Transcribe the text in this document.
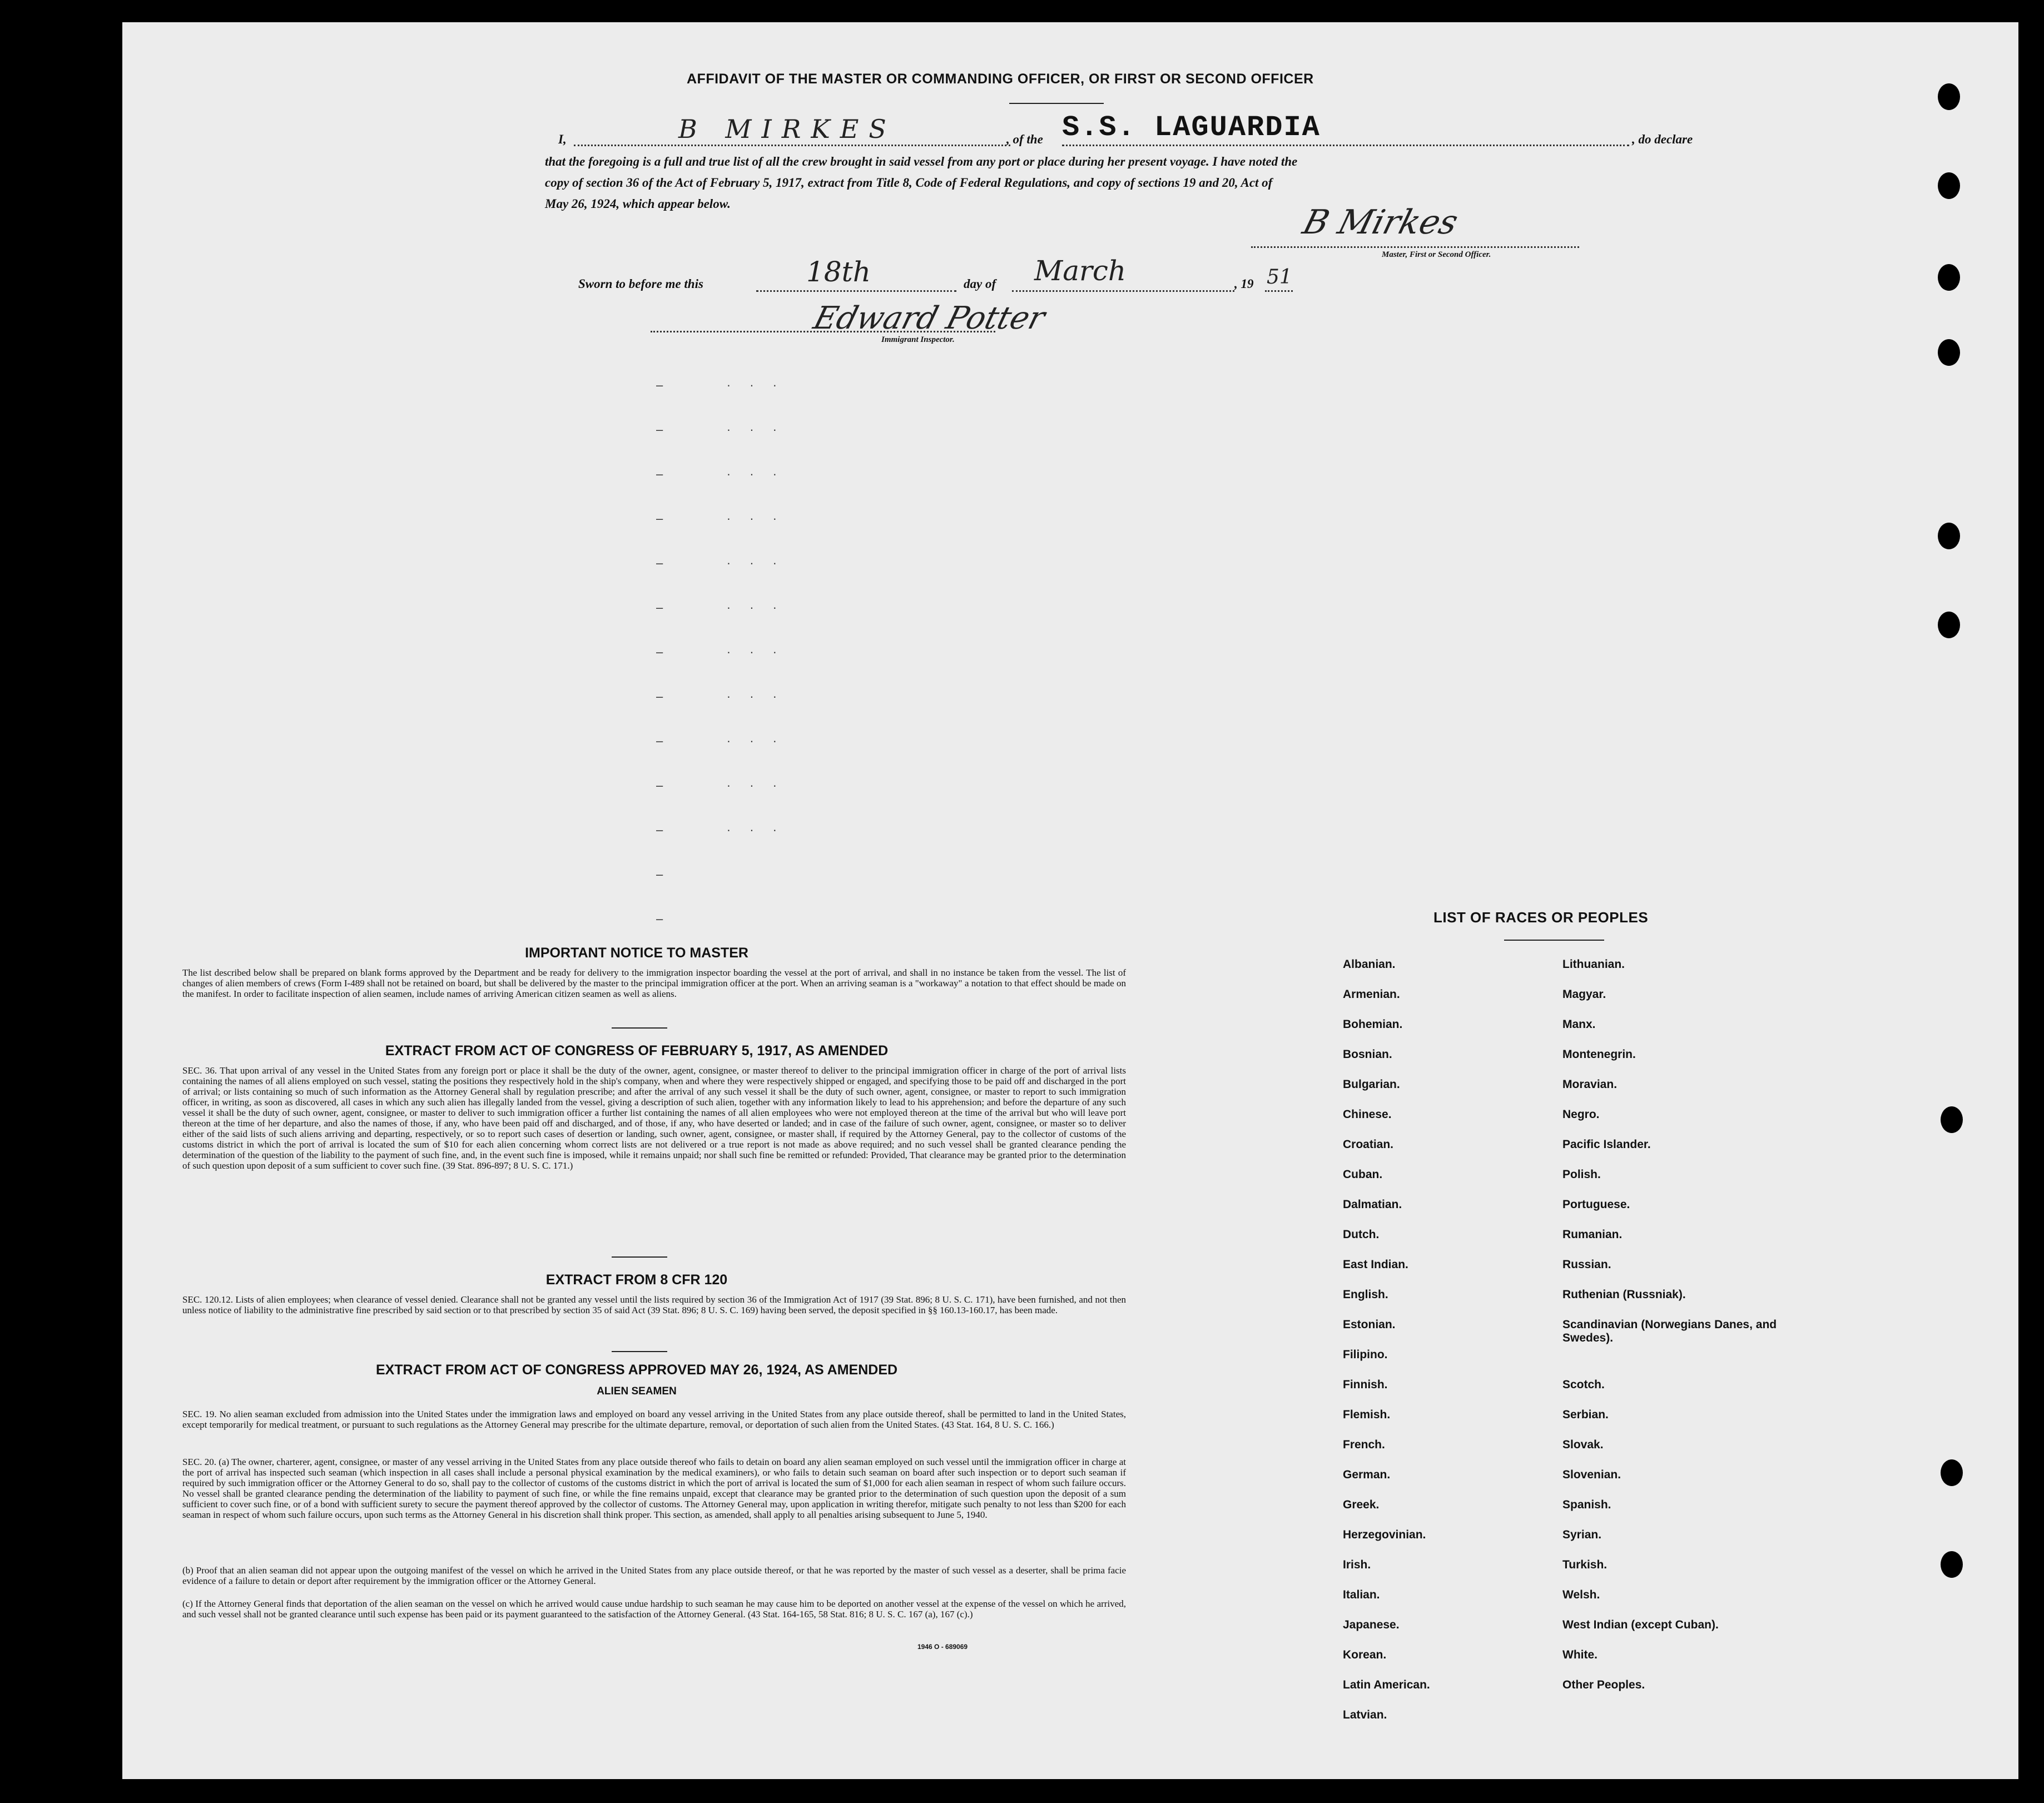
AFFIDAVIT OF THE MASTER OR COMMANDING OFFICER, OR FIRST OR SECOND OFFICER
I,	B MIRKES	, of the S.S. LAGUARDIA	, do declare
that the foregoing is a full and true list of all the crew brought in said vessel from any port or place during her present voyage. I have noted the
copy of section 36 of the Act of February 5, 1917, extract from Title 8, Code of Federal Regulations, and copy of sections 19 and 20, Act of
May 26, 1924, which appear below.	B Mirkes
Master, First or Second Officer.
Sworn to before me this	18th	day of March	, 19 51
Edward Potter
Immigrant Inspector.
–     · · ·
–     · · ·
–     · · ·
–     · · ·
–     · · ·
–     · · ·
–     · · ·
–     · · ·
–     · · ·
–     · · ·
–     · · ·
–
–
IMPORTANT NOTICE TO MASTER
The list described below shall be prepared on blank forms approved by the Department and be ready for delivery to the immigration inspector boarding the vessel at the port of arrival, and shall in no instance be taken from the vessel. The list of changes of alien members of crews (Form I-489 shall not be retained on board, but shall be delivered by the master to the principal immigration officer at the port. When an arriving seaman is a "workaway" a notation to that effect should be made on the manifest. In order to facilitate inspection of alien seamen, include names of arriving American citizen seamen as well as aliens.
EXTRACT FROM ACT OF CONGRESS OF FEBRUARY 5, 1917, AS AMENDED
SEC. 36. That upon arrival of any vessel in the United States from any foreign port or place it shall be the duty of the owner, agent, consignee, or master thereof to deliver to the principal immigration officer in charge of the port of arrival lists containing the names of all aliens employed on such vessel, stating the positions they respectively hold in the ship's company, when and where they were respectively shipped or engaged, and specifying those to be paid off and discharged in the port of arrival; or lists containing so much of such information as the Attorney General shall by regulation prescribe; and after the arrival of any such vessel it shall be the duty of such owner, agent, consignee, or master to report to such immigration officer, in writing, as soon as discovered, all cases in which any such alien has illegally landed from the vessel, giving a description of such alien, together with any information likely to lead to his apprehension; and before the departure of any such vessel it shall be the duty of such owner, agent, consignee, or master to deliver to such immigration officer a further list containing the names of all alien employees who were not employed thereon at the time of the arrival but who will leave port thereon at the time of her departure, and also the names of those, if any, who have been paid off and discharged, and of those, if any, who have deserted or landed; and in case of the failure of such owner, agent, consignee, or master so to deliver either of the said lists of such aliens arriving and departing, respectively, or so to report such cases of desertion or landing, such owner, agent, consignee, or master shall, if required by the Attorney General, pay to the collector of customs of the customs district in which the port of arrival is located the sum of $10 for each alien concerning whom correct lists are not delivered or a true report is not made as above required; and no such vessel shall be granted clearance pending the determination of the question of the liability to the payment of such fine, and, in the event such fine is imposed, while it remains unpaid; nor shall such fine be remitted or refunded: Provided, That clearance may be granted prior to the determination of such question upon deposit of a sum sufficient to cover such fine. (39 Stat. 896-897; 8 U. S. C. 171.)
EXTRACT FROM 8 CFR 120
SEC. 120.12. Lists of alien employees; when clearance of vessel denied. Clearance shall not be granted any vessel until the lists required by section 36 of the Immigration Act of 1917 (39 Stat. 896; 8 U. S. C. 171), have been furnished, and not then unless notice of liability to the administrative fine prescribed by said section or to that prescribed by section 35 of said Act (39 Stat. 896; 8 U. S. C. 169) having been served, the deposit specified in §§ 160.13-160.17, has been made.
EXTRACT FROM ACT OF CONGRESS APPROVED MAY 26, 1924, AS AMENDED
ALIEN SEAMEN
SEC. 19. No alien seaman excluded from admission into the United States under the immigration laws and employed on board any vessel arriving in the United States from any place outside thereof, shall be permitted to land in the United States, except temporarily for medical treatment, or pursuant to such regulations as the Attorney General may prescribe for the ultimate departure, removal, or deportation of such alien from the United States. (43 Stat. 164, 8 U. S. C. 166.)
SEC. 20. (a) The owner, charterer, agent, consignee, or master of any vessel arriving in the United States from any place outside thereof who fails to detain on board any alien seaman employed on such vessel until the immigration officer in charge at the port of arrival has inspected such seaman (which inspection in all cases shall include a personal physical examination by the medical examiners), or who fails to detain such seaman on board after such inspection or to deport such seaman if required by such immigration officer or the Attorney General to do so, shall pay to the collector of customs of the customs district in which the port of arrival is located the sum of $1,000 for each alien seaman in respect of whom such failure occurs. No vessel shall be granted clearance pending the determination of the liability to payment of such fine, or while the fine remains unpaid, except that clearance may be granted prior to the determination of such question upon the deposit of a sum sufficient to cover such fine, or of a bond with sufficient surety to secure the payment thereof approved by the collector of customs. The Attorney General may, upon application in writing therefor, mitigate such penalty to not less than $200 for each seaman in respect of whom such failure occurs, upon such terms as the Attorney General in his discretion shall think proper. This section, as amended, shall apply to all penalties arising subsequent to June 5, 1940.
(b) Proof that an alien seaman did not appear upon the outgoing manifest of the vessel on which he arrived in the United States from any place outside thereof, or that he was reported by the master of such vessel as a deserter, shall be prima facie evidence of a failure to detain or deport after requirement by the immigration officer or the Attorney General.
(c) If the Attorney General finds that deportation of the alien seaman on the vessel on which he arrived would cause undue hardship to such seaman he may cause him to be deported on another vessel at the expense of the vessel on which he arrived, and such vessel shall not be granted clearance until such expense has been paid or its payment guaranteed to the satisfaction of the Attorney General. (43 Stat. 164-165, 58 Stat. 816; 8 U. S. C. 167 (a), 167 (c).)
1946 O - 689069
LIST OF RACES OR PEOPLES
Albanian.
Armenian.
Bohemian.
Bosnian.
Bulgarian.
Chinese.
Croatian.
Cuban.
Dalmatian.
Dutch.
East Indian.
English.
Estonian.
Filipino.
Finnish.
Flemish.
French.
German.
Greek.
Herzegovinian.
Irish.
Italian.
Japanese.
Korean.
Latin American.
Latvian.
Lithuanian.
Magyar.
Manx.
Montenegrin.
Moravian.
Negro.
Pacific Islander.
Polish.
Portuguese.
Rumanian.
Russian.
Ruthenian (Russniak).
Scandinavian (Norwegians Danes, and Swedes).
Scotch.
Serbian.
Slovak.
Slovenian.
Spanish.
Syrian.
Turkish.
Welsh.
West Indian (except Cuban).
White.
Other Peoples.
